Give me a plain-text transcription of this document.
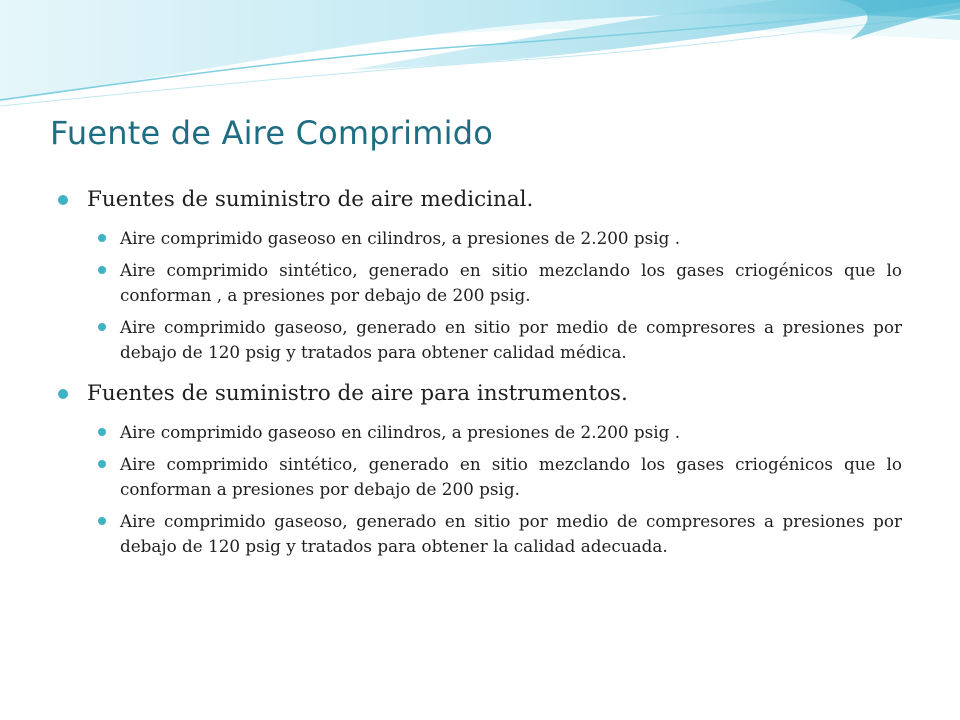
Fuente de Aire Comprimido
Fuentes de suministro de aire medicinal.
Aire comprimido gaseoso en cilindros, a presiones de 2.200 psig .
Aire comprimido sintético, generado en sitio mezclando los gases criogénicos que lo conforman , a presiones por debajo de 200 psig.
Aire comprimido gaseoso, generado en sitio por medio de compresores a presiones por debajo de 120 psig y tratados para obtener calidad médica.
Fuentes de suministro de aire para instrumentos.
Aire comprimido gaseoso en cilindros, a presiones de 2.200 psig .
Aire comprimido sintético, generado en sitio mezclando los gases criogénicos que lo conforman a presiones por debajo de 200 psig.
Aire comprimido gaseoso, generado en sitio por medio de compresores a presiones por debajo de 120 psig y tratados para obtener la calidad adecuada.
